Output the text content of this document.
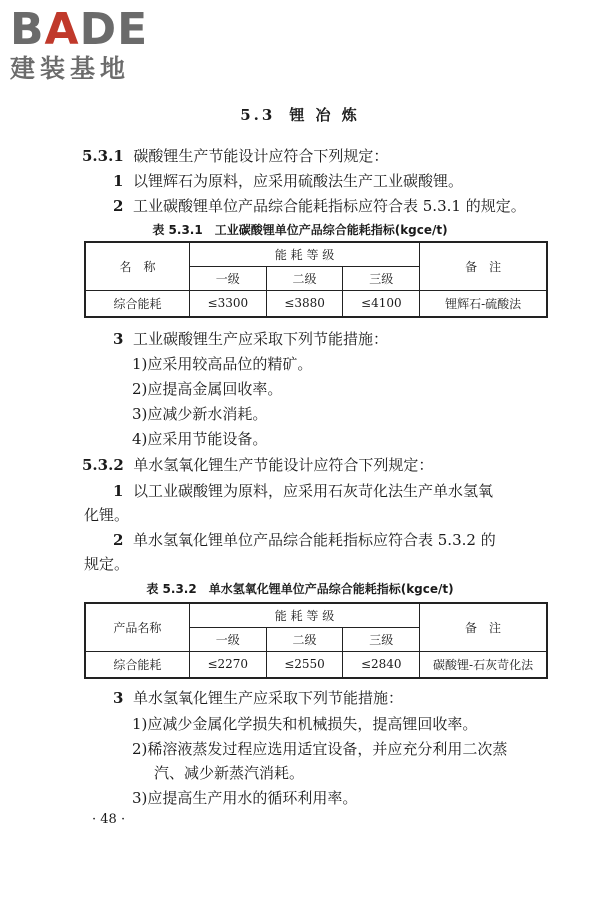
BADE
建装基地
5.3 锂 冶 炼
5.3.1 碳酸锂生产节能设计应符合下列规定：
1 以锂辉石为原料，应采用硫酸法生产工业碳酸锂。
2 工业碳酸锂单位产品综合能耗指标应符合表 5.3.1 的规定。
表 5.3.1　工业碳酸锂单位产品综合能耗指标(kgce/t)
名　称	能 耗 等 级			备　注
	一级	二级	三级	
综合能耗	≤3300	≤3880	≤4100	锂辉石-硫酸法
3 工业碳酸锂生产应采取下列节能措施：
1)应采用较高品位的精矿。
2)应提高金属回收率。
3)应减少新水消耗。
4)应采用节能设备。
5.3.2 单水氢氧化锂生产节能设计应符合下列规定：
1 以工业碳酸锂为原料，应采用石灰苛化法生产单水氢氧
化锂。
2 单水氢氧化锂单位产品综合能耗指标应符合表 5.3.2 的
规定。
表 5.3.2　单水氢氧化锂单位产品综合能耗指标(kgce/t)
产品名称	能 耗 等 级			备　注
	一级	二级	三级	
综合能耗	≤2270	≤2550	≤2840	碳酸锂-石灰苛化法
3 单水氢氧化锂生产应采取下列节能措施：
1)应减少金属化学损失和机械损失，提高锂回收率。
2)稀溶液蒸发过程应选用适宜设备，并应充分利用二次蒸
汽、减少新蒸汽消耗。
3)应提高生产用水的循环利用率。
· 48 ·
